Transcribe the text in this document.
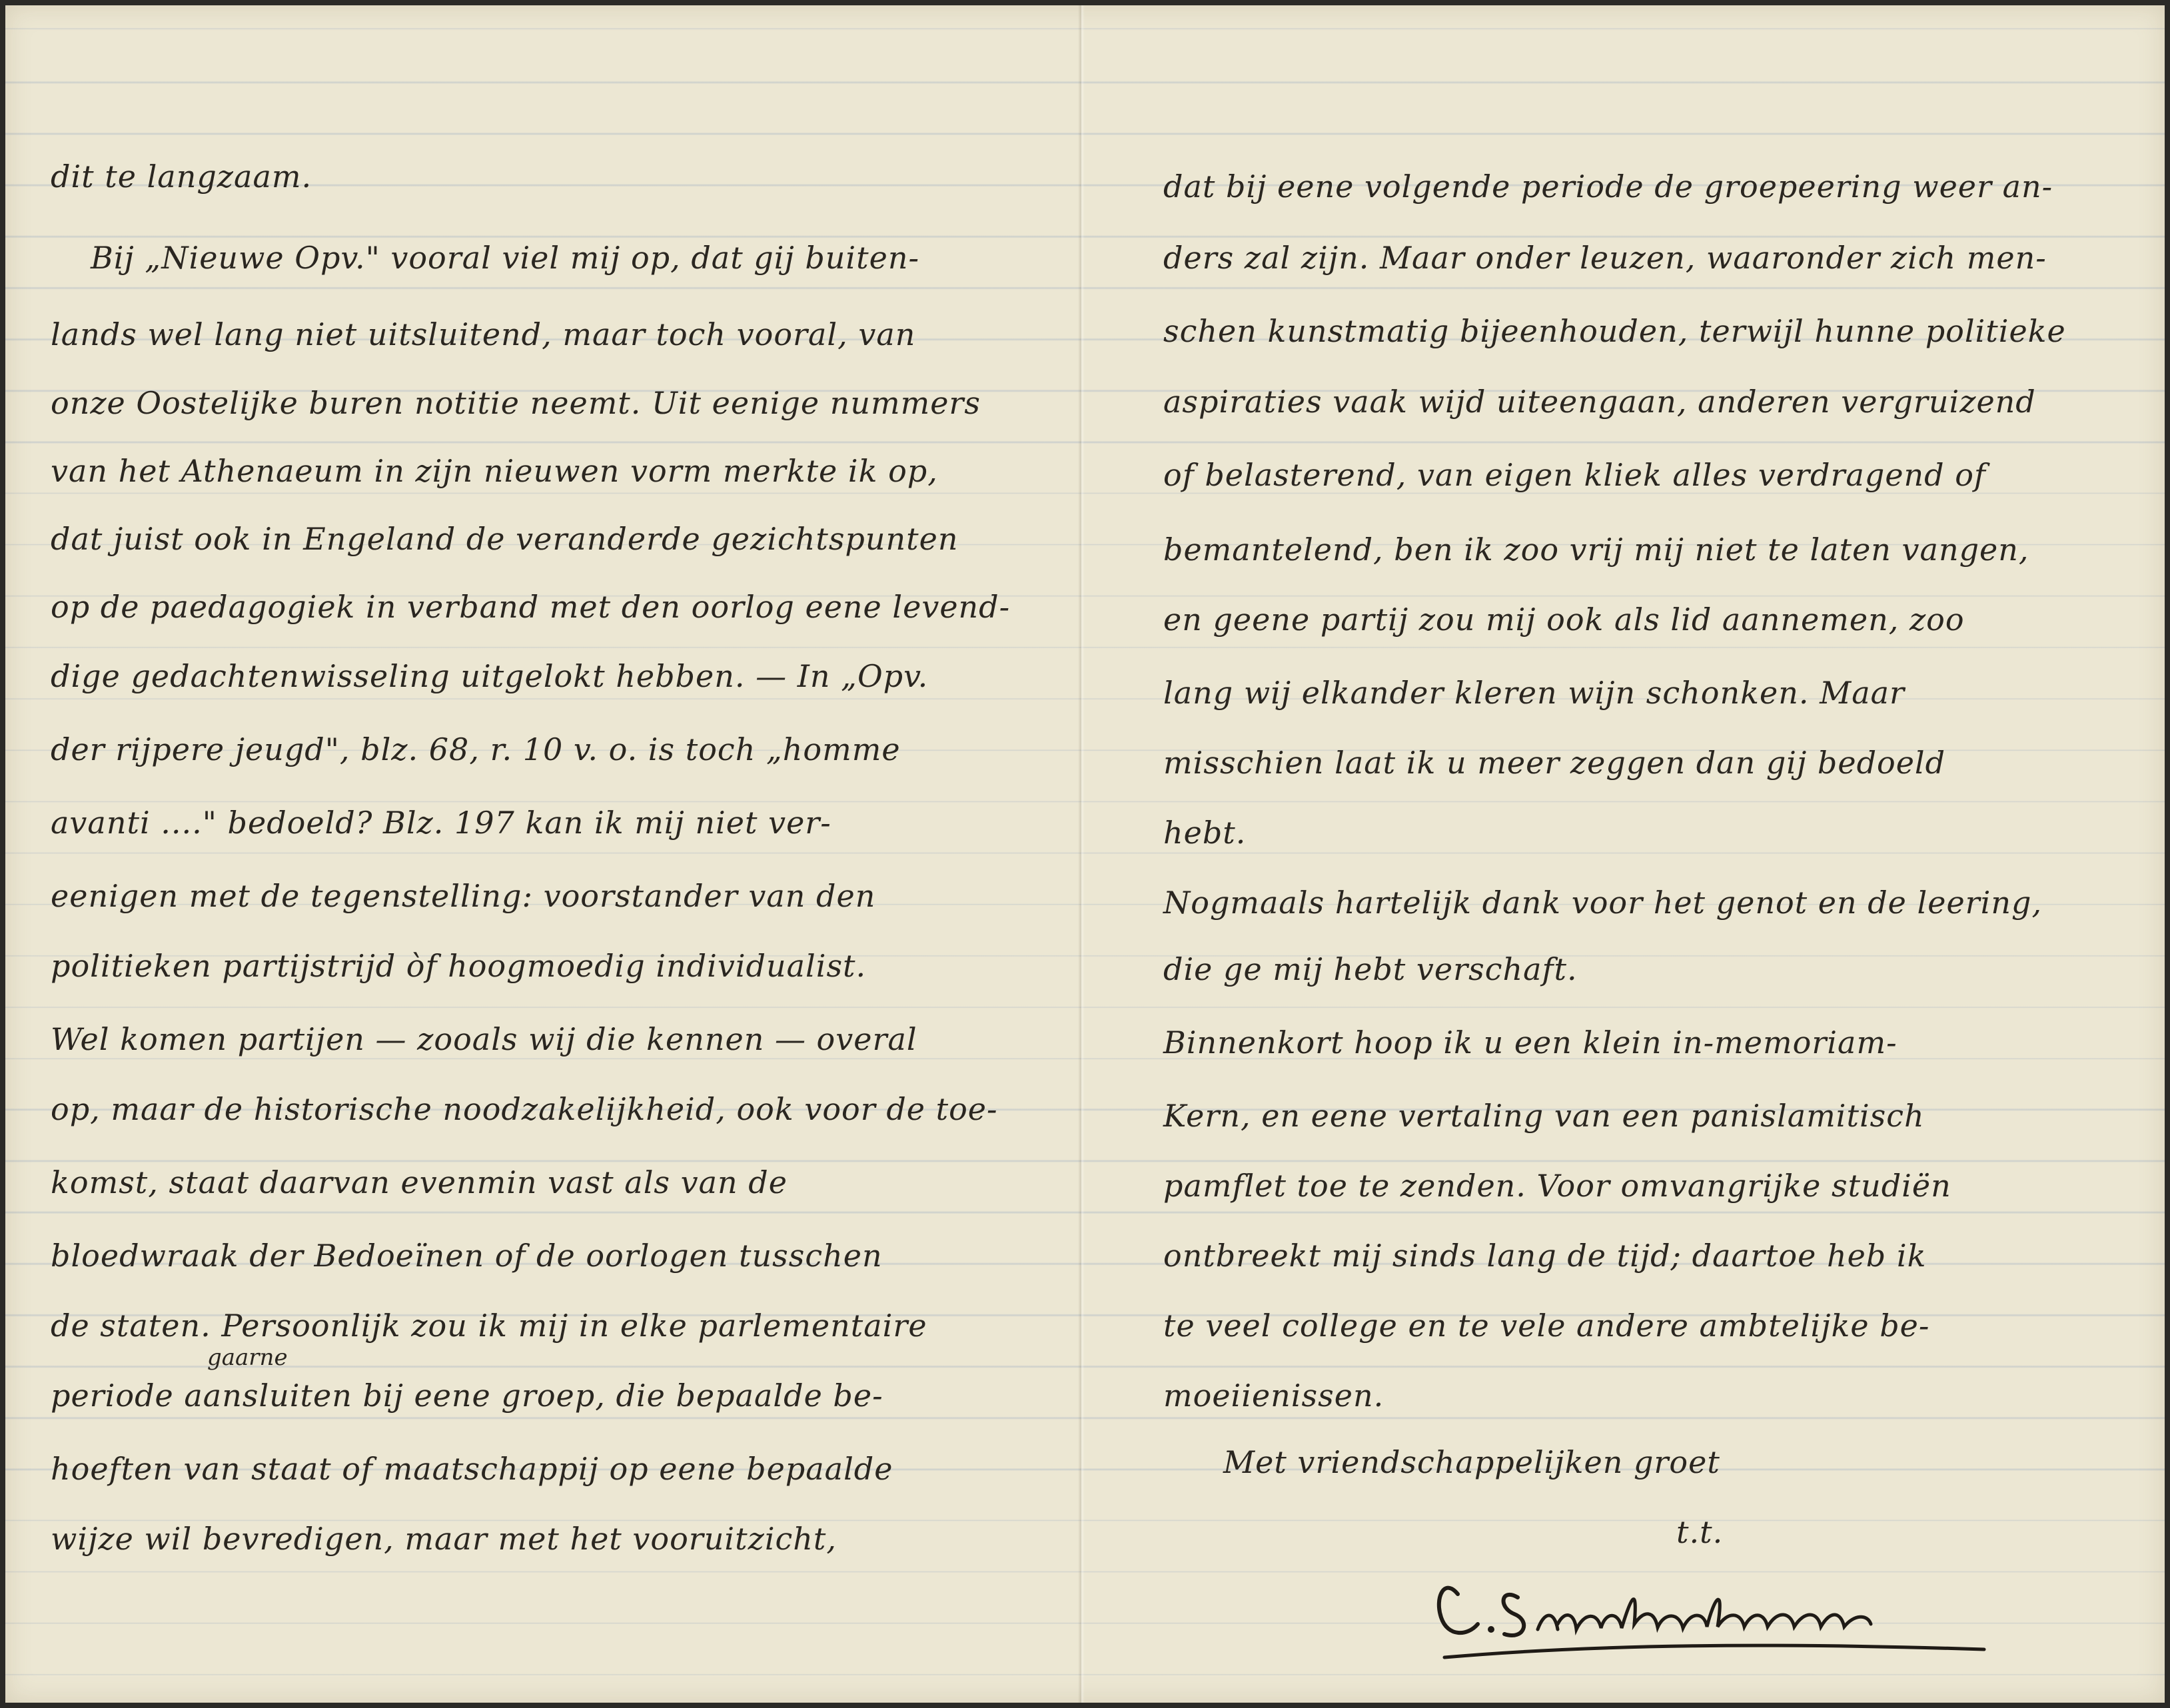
dit te langzaam.
Bij „Nieuwe Opv." vooral viel mij op, dat gij buiten-
lands wel lang niet uitsluitend, maar toch vooral, van
onze Oostelijke buren notitie neemt. Uit eenige nummers
van het Athenaeum in zijn nieuwen vorm merkte ik op,
dat juist ook in Engeland de veranderde gezichtspunten
op de paedagogiek in verband met den oorlog eene levend-
dige gedachtenwisseling uitgelokt hebben. — In „Opv.
der rijpere jeugd", blz. 68, r. 10 v. o. is toch „homme
avanti ...." bedoeld? Blz. 197 kan ik mij niet ver-
eenigen met de tegenstelling: voorstander van den
politieken partijstrijd òf hoogmoedig individualist.
Wel komen partijen — zooals wij die kennen — overal
op, maar de historische noodzakelijkheid, ook voor de toe-
komst, staat daarvan evenmin vast als van de
bloedwraak der Bedoeïnen of de oorlogen tusschen
de staten. Persoonlijk zou ik mij in elke parlementaire
gaarne
periode aansluiten bij eene groep, die bepaalde be-
hoeften van staat of maatschappij op eene bepaalde
wijze wil bevredigen, maar met het vooruitzicht,
dat bij eene volgende periode de groepeering weer an-
ders zal zijn. Maar onder leuzen, waaronder zich men-
schen kunstmatig bijeenhouden, terwijl hunne politieke
aspiraties vaak wijd uiteengaan, anderen vergruizend
of belasterend, van eigen kliek alles verdragend of
bemantelend, ben ik zoo vrij mij niet te laten vangen,
en geene partij zou mij ook als lid aannemen, zoo
lang wij elkander kleren wijn schonken. Maar
misschien laat ik u meer zeggen dan gij bedoeld
hebt.
Nogmaals hartelijk dank voor het genot en de leering,
die ge mij hebt verschaft.
Binnenkort hoop ik u een klein in-memoriam-
Kern, en eene vertaling van een panislamitisch
pamflet toe te zenden. Voor omvangrijke studiën
ontbreekt mij sinds lang de tijd; daartoe heb ik
te veel college en te vele andere ambtelijke be-
moeiienissen.
Met vriendschappelijken groet
t.t.
